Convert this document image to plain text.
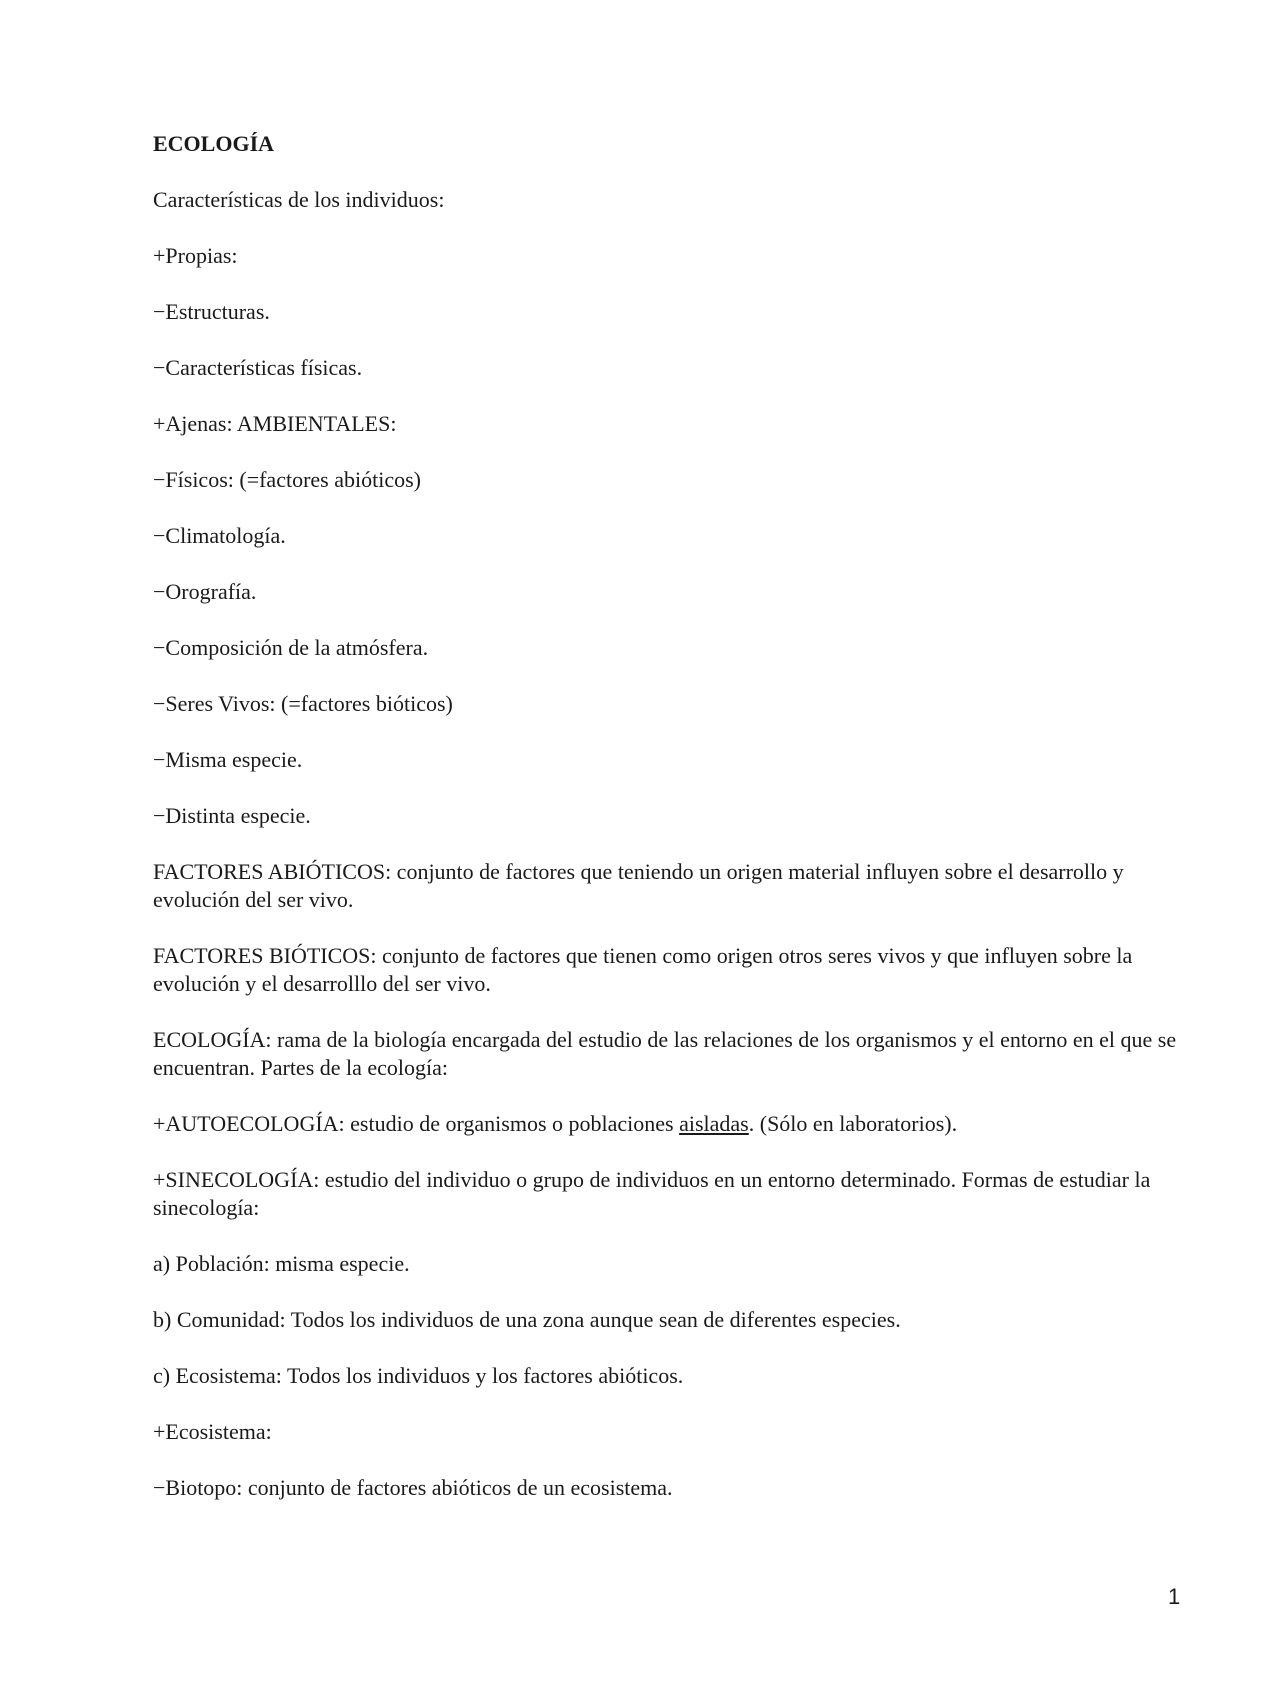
ECOLOGÍA
Características de los individuos:
+Propias:
−Estructuras.
−Características físicas.
+Ajenas: AMBIENTALES:
−Físicos: (=factores abióticos)
−Climatología.
−Orografía.
−Composición de la atmósfera.
−Seres Vivos: (=factores bióticos)
−Misma especie.
−Distinta especie.

FACTORES ABIÓTICOS: conjunto de factores que teniendo un origen material influyen sobre el desarrollo y evolución del ser vivo.

FACTORES BIÓTICOS: conjunto de factores que tienen como origen otros seres vivos y que influyen sobre la evolución y el desarrolllo del ser vivo.

ECOLOGÍA: rama de la biología encargada del estudio de las relaciones de los organismos y el entorno en el que se encuentran. Partes de la ecología:

+AUTOECOLOGÍA: estudio de organismos o poblaciones aisladas. (Sólo en laboratorios).

+SINECOLOGÍA: estudio del individuo o grupo de individuos en un entorno determinado. Formas de estudiar la sinecología:

a) Población: misma especie.
b) Comunidad: Todos los individuos de una zona aunque sean de diferentes especies.
c) Ecosistema: Todos los individuos y los factores abióticos.
+Ecosistema:
−Biotopo: conjunto de factores abióticos de un ecosistema.
1
